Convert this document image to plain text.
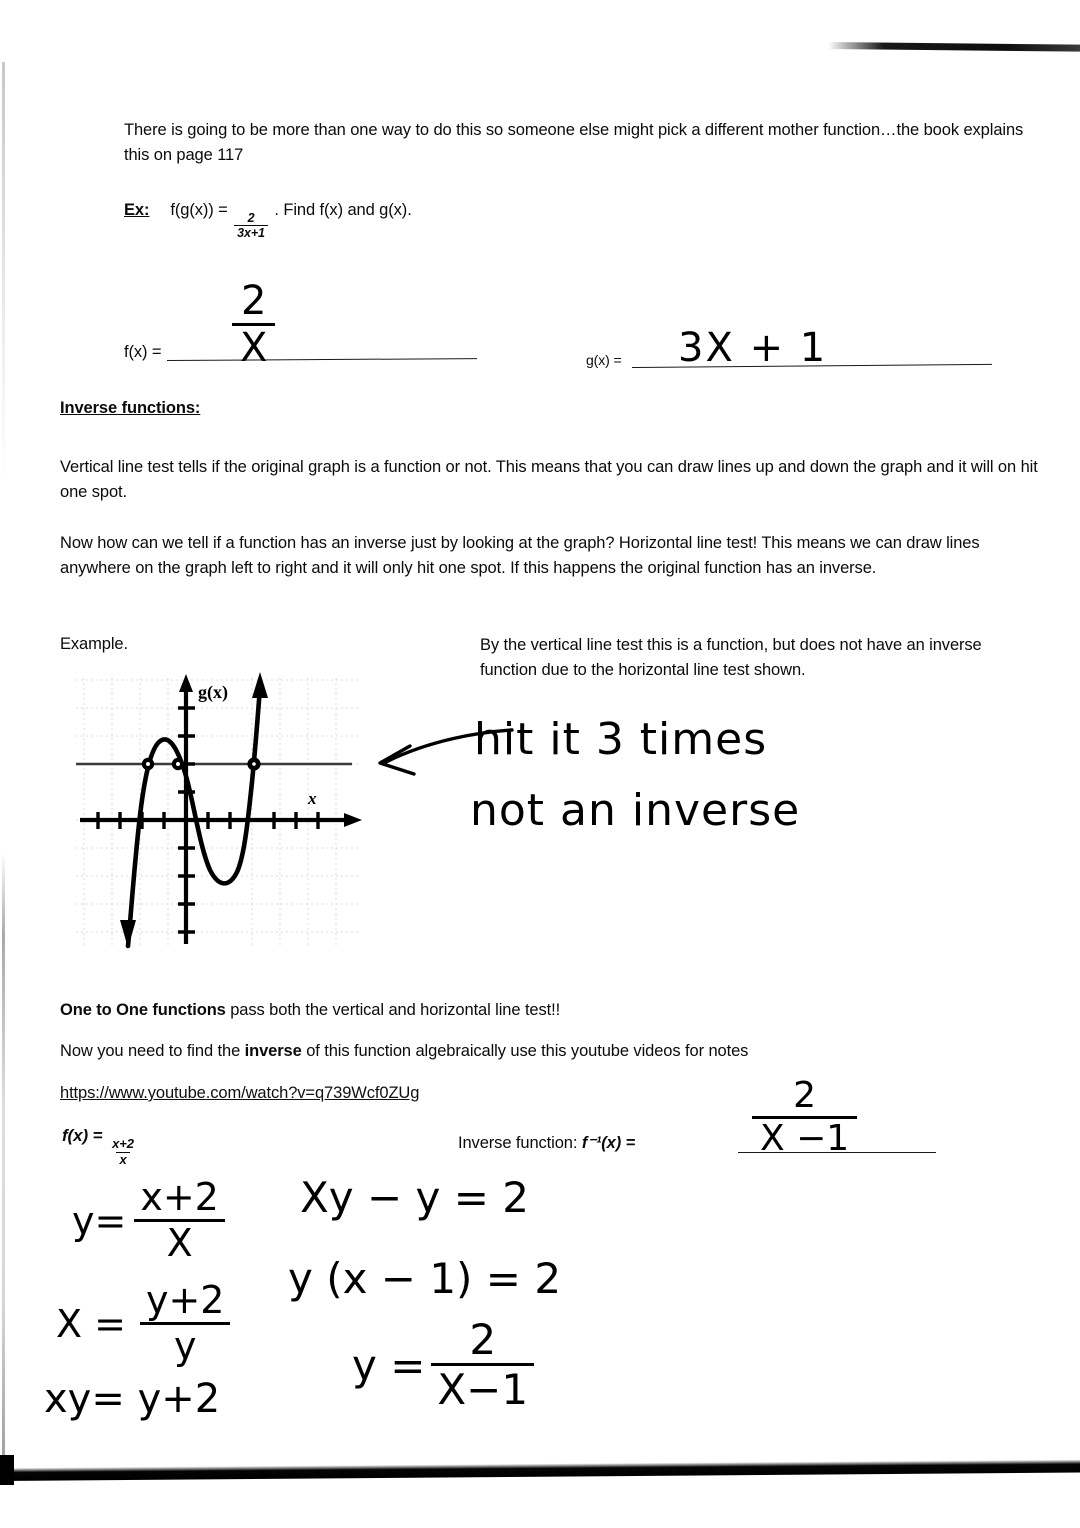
There is going to be more than one way to do this so someone else might pick a different mother function…the book explains this on page 117
Ex: f(g(x)) =
$\frac{2}{3x+1}$
. Find f(x) and g(x).
f(x) =
2
X	g(x) = 3X + 1
Inverse functions:
Vertical line test tells if the original graph is a function or not. This means that you can draw lines up and down the graph and it will on hit one spot.
Now how can we tell if a function has an inverse just by looking at the graph? Horizontal line test! This means we can draw lines anywhere on the graph left to right and it will only hit one spot. If this happens the original function has an inverse.
Example.	By the vertical line test this is a function, but does not have an inverse function due to the horizontal line test shown.
g(x)
x
hit it 3 times
not an inverse
One to One functions pass both the vertical and horizontal line test!!
Now you need to find the inverse of this function algebraically use this youtube videos for notes
https://www.youtube.com/watch?v=q739Wcf0ZUg
f(x) =
$\frac{x+2}{x}$	Inverse function: f⁻¹(x) =
2
X −1
y=
x+2
X
X =
y+2
y
xy= y+2
Xy − y = 2
y (x − 1) = 2
y =
2
X−1
